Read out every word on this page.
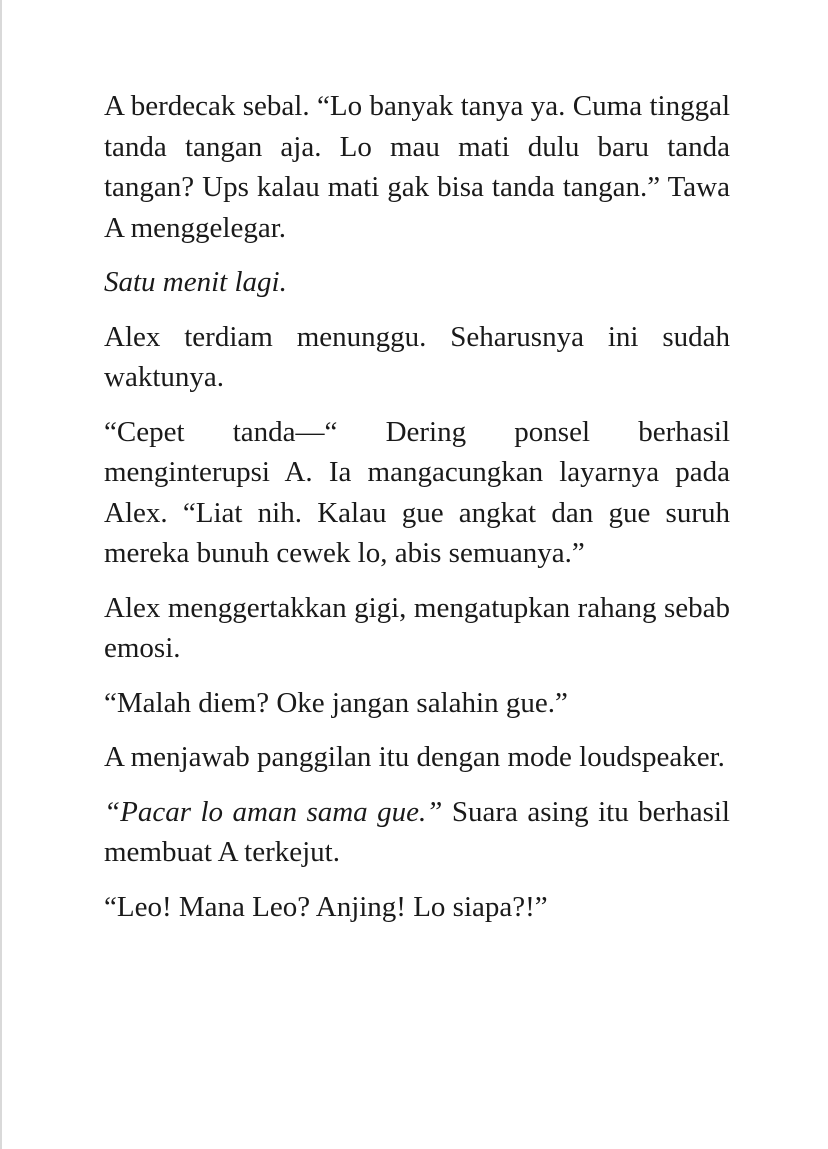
A berdecak sebal. “Lo banyak tanya ya. Cuma tinggal tanda tangan aja. Lo mau mati dulu baru tanda tangan? Ups kalau mati gak bisa tanda tangan.” Tawa A menggelegar.

Satu menit lagi.

Alex terdiam menunggu. Seharusnya ini sudah waktunya.

“Cepet tanda—“ Dering ponsel berhasil menginterupsi A. Ia mangacungkan layarnya pada Alex. “Liat nih. Kalau gue angkat dan gue suruh mereka bunuh cewek lo, abis semuanya.”

Alex menggertakkan gigi, mengatupkan rahang sebab emosi.

“Malah diem? Oke jangan salahin gue.”

A menjawab panggilan itu dengan mode loudspeaker.

“Pacar lo aman sama gue.” Suara asing itu berhasil membuat A terkejut.

“Leo! Mana Leo? Anjing! Lo siapa?!”
